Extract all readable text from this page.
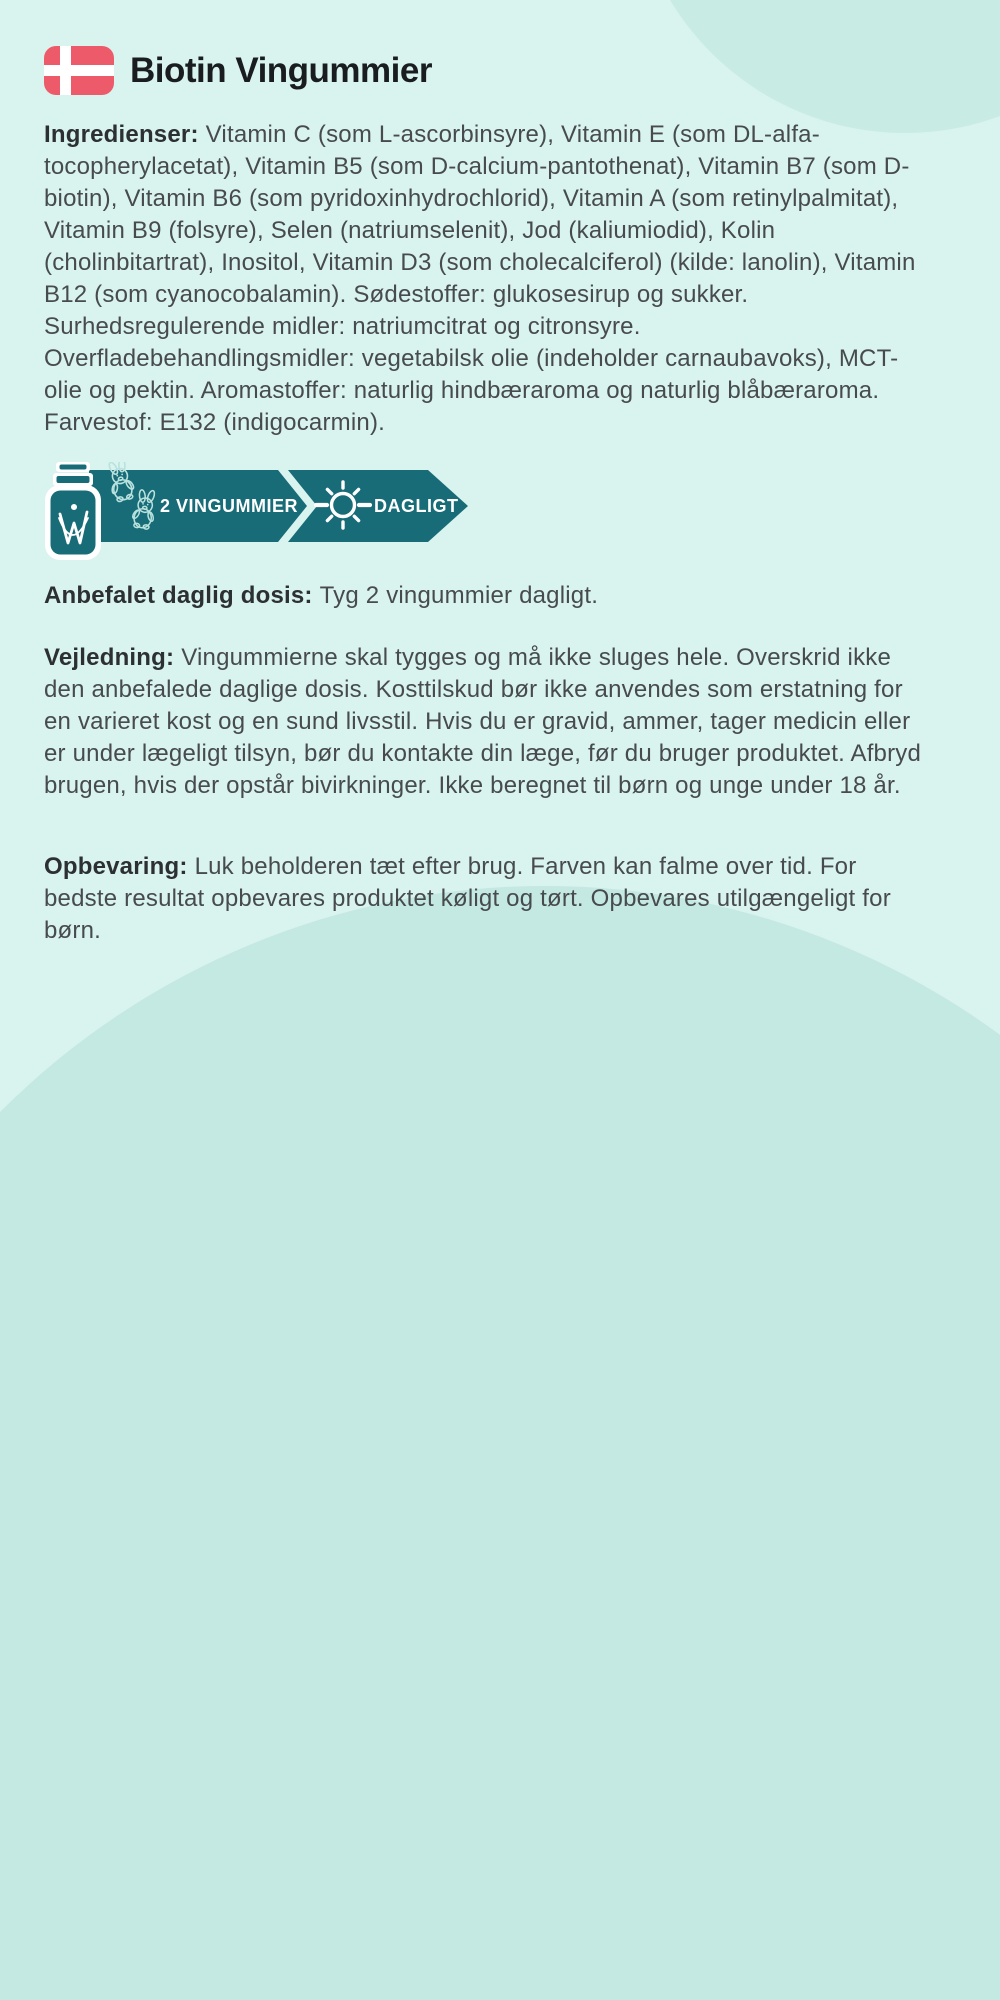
Biotin Vingummier

Ingredienser: Vitamin C (som L-ascorbinsyre), Vitamin E (som DL-alfa-tocopherylacetat), Vitamin B5 (som D-calcium-pantothenat), Vitamin B7 (som D-biotin), Vitamin B6 (som pyridoxinhydrochlorid), Vitamin A (som retinylpalmitat), Vitamin B9 (folsyre), Selen (natriumselenit), Jod (kaliumiodid), Kolin (cholinbitartrat), Inositol, Vitamin D3 (som cholecalciferol) (kilde: lanolin), Vitamin B12 (som cyanocobalamin). Sødestoffer: glukosesirup og sukker. Surhedsregulerende midler: natriumcitrat og citronsyre. Overfladebehandlingsmidler: vegetabilsk olie (indeholder carnaubavoks), MCT-olie og pektin. Aromastoffer: naturlig hindbæraroma og naturlig blåbæraroma. Farvestof: E132 (indigocarmin).

2 VINGUMMIER	DAGLIGT

Anbefalet daglig dosis: Tyg 2 vingummier dagligt.

Vejledning: Vingummierne skal tygges og må ikke sluges hele. Overskrid ikke den anbefalede daglige dosis. Kosttilskud bør ikke anvendes som erstatning for en varieret kost og en sund livsstil. Hvis du er gravid, ammer, tager medicin eller er under lægeligt tilsyn, bør du kontakte din læge, før du bruger produktet. Afbryd brugen, hvis der opstår bivirkninger. Ikke beregnet til børn og unge under 18 år.

Opbevaring: Luk beholderen tæt efter brug. Farven kan falme over tid. For bedste resultat opbevares produktet køligt og tørt. Opbevares utilgængeligt for børn.
